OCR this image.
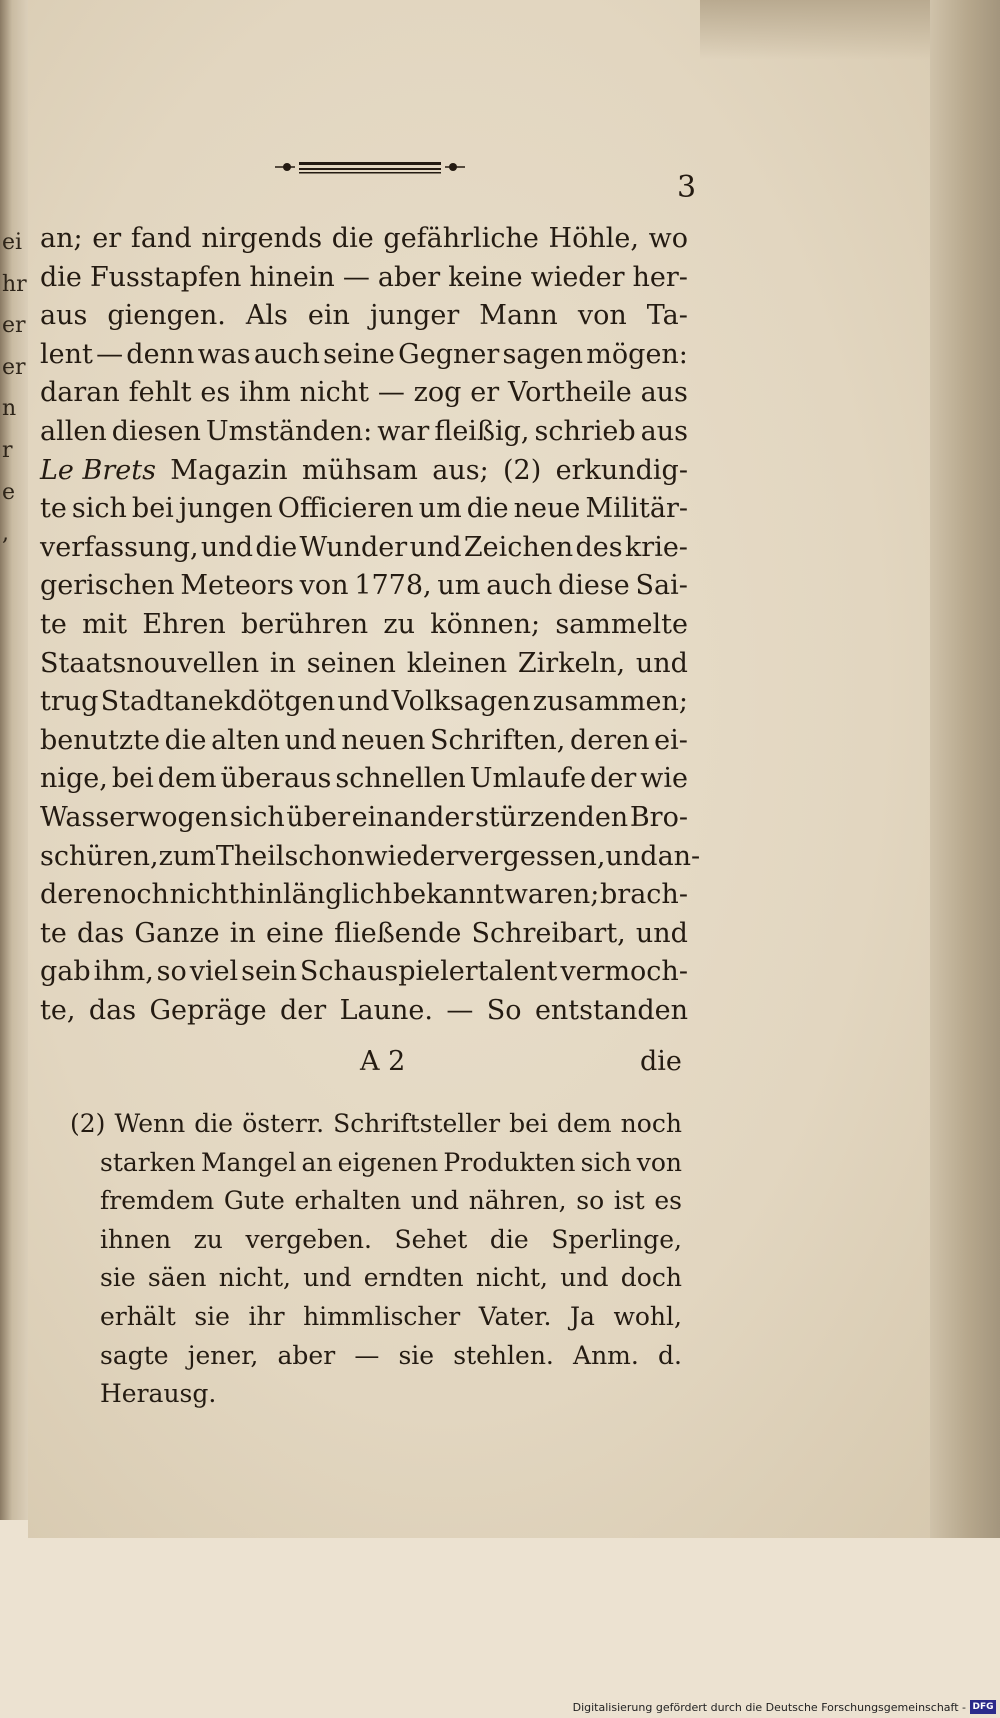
ei
hr
er
er
n
r
e
,
3
an; er fand nirgends die gefährliche Höhle, wo
die Fusstapfen hinein — aber keine wieder her-
aus giengen. Als ein junger Mann von Ta-
lent — denn was auch seine Gegner sagen mögen:
daran fehlt es ihm nicht — zog er Vortheile aus
allen diesen Umständen: war fleißig, schrieb aus
Le Brets Magazin mühsam aus; (2) erkundig-
te sich bei jungen Officieren um die neue Militär-
verfassung, und die Wunder und Zeichen des krie-
gerischen Meteors von 1778, um auch diese Sai-
te mit Ehren berühren zu können; sammelte
Staatsnouvellen in seinen kleinen Zirkeln, und
trug Stadtanekdötgen und Volksagen zusammen;
benutzte die alten und neuen Schriften, deren ei-
nige, bei dem überaus schnellen Umlaufe der wie
Wasserwogen sich über einander stürzenden Bro-
schüren, zum Theil schon wieder vergessen, und an-
dere noch nicht hinlänglich bekannt waren; brach-
te das Ganze in eine fließende Schreibart, und
gab ihm, so viel sein Schauspielertalent vermoch-
te, das Gepräge der Laune. — So entstanden
A 2	die
(2) Wenn die österr. Schriftsteller bei dem noch
starken Mangel an eigenen Produkten sich von
fremdem Gute erhalten und nähren, so ist es
ihnen zu vergeben. Sehet die Sperlinge,
sie säen nicht, und erndten nicht, und doch
erhält sie ihr himmlischer Vater. Ja wohl,
sagte jener, aber — sie stehlen. Anm. d.
Herausg.
Digitalisierung gefördert durch die Deutsche Forschungsgemeinschaft - DFG
